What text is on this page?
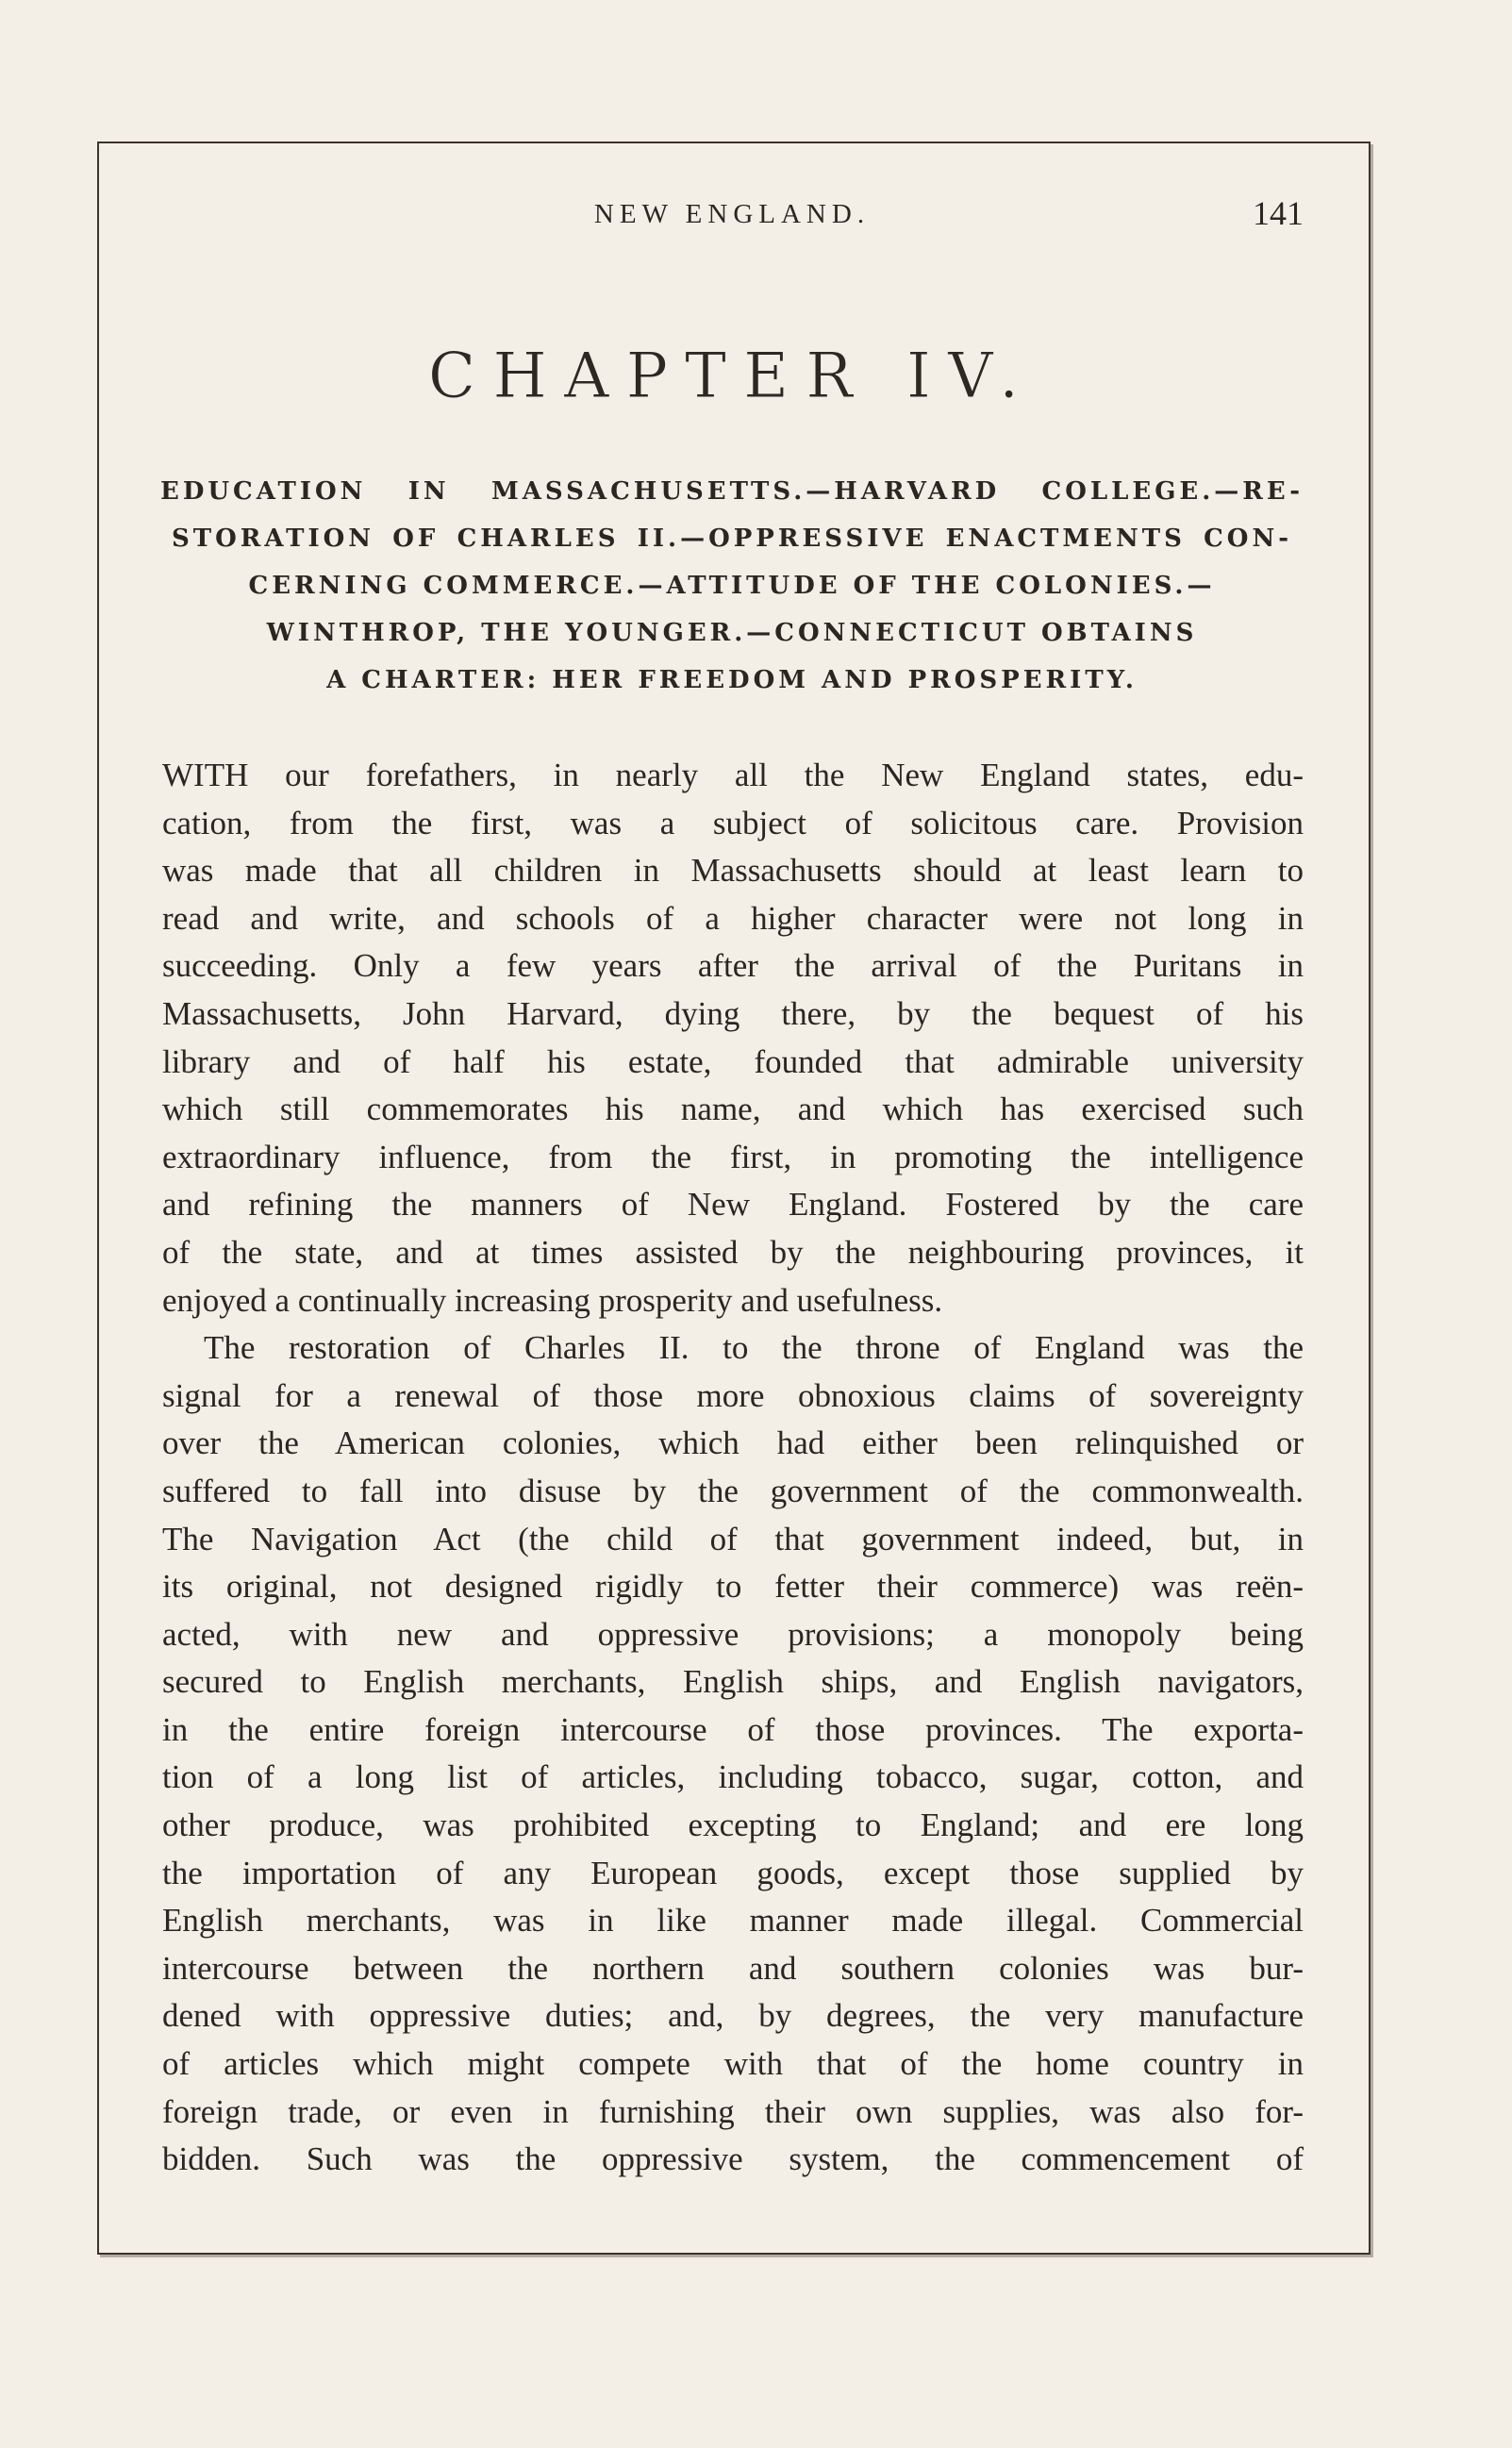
NEW ENGLAND.	141
CHAPTER IV.
EDUCATION IN MASSACHUSETTS.—HARVARD COLLEGE.—RE-
STORATION OF CHARLES II.—OPPRESSIVE ENACTMENTS CON-
CERNING COMMERCE.—ATTITUDE OF THE COLONIES.—
WINTHROP, THE YOUNGER.—CONNECTICUT OBTAINS
A CHARTER: HER FREEDOM AND PROSPERITY.
WITH our forefathers, in nearly all the New England states, edu-
cation, from the first, was a subject of solicitous care. Provision
was made that all children in Massachusetts should at least learn to
read and write, and schools of a higher character were not long in
succeeding. Only a few years after the arrival of the Puritans in
Massachusetts, John Harvard, dying there, by the bequest of his
library and of half his estate, founded that admirable university
which still commemorates his name, and which has exercised such
extraordinary influence, from the first, in promoting the intelligence
and refining the manners of New England. Fostered by the care
of the state, and at times assisted by the neighbouring provinces, it
enjoyed a continually increasing prosperity and usefulness.
The restoration of Charles II. to the throne of England was the
signal for a renewal of those more obnoxious claims of sovereignty
over the American colonies, which had either been relinquished or
suffered to fall into disuse by the government of the commonwealth.
The Navigation Act (the child of that government indeed, but, in
its original, not designed rigidly to fetter their commerce) was reën-
acted, with new and oppressive provisions; a monopoly being
secured to English merchants, English ships, and English navigators,
in the entire foreign intercourse of those provinces. The exporta-
tion of a long list of articles, including tobacco, sugar, cotton, and
other produce, was prohibited excepting to England; and ere long
the importation of any European goods, except those supplied by
English merchants, was in like manner made illegal. Commercial
intercourse between the northern and southern colonies was bur-
dened with oppressive duties; and, by degrees, the very manufacture
of articles which might compete with that of the home country in
foreign trade, or even in furnishing their own supplies, was also for-
bidden. Such was the oppressive system, the commencement of
